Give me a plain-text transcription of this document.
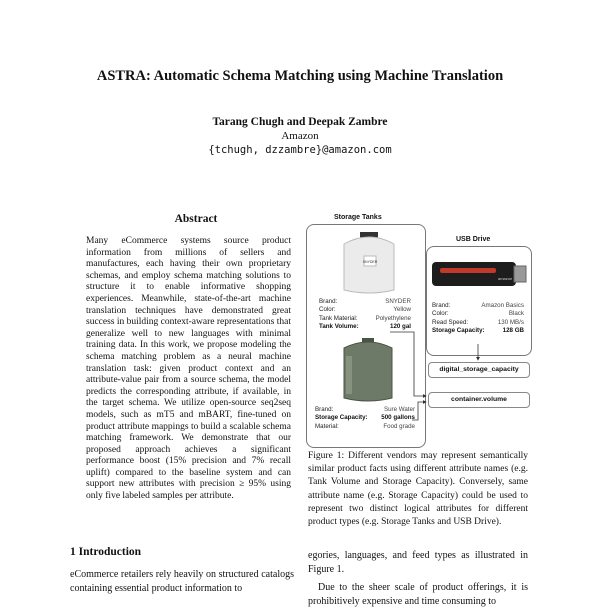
ASTRA: Automatic Schema Matching using Machine Translation
Tarang Chugh and Deepak Zambre
Amazon
{tchugh, dzzambre}@amazon.com
Abstract

Many eCommerce systems source product information from millions of sellers and manufactures, each having their own proprietary schemas, and employ schema matching solutions to structure it to enable informative shopping experiences. Meanwhile, state-of-the-art machine translation techniques have demonstrated great success in building context-aware representations that generalize well to new languages with minimal training data. In this work, we propose modeling the schema matching problem as a neural machine translation task: given product context and an attribute-value pair from a source schema, the model predicts the corresponding attribute, if available, in the target schema. We utilize open-source seq2seq models, such as mT5 and mBART, fine-tuned on product attribute mappings to build a scalable schema matching framework. We demonstrate that our proposed approach achieves a significant performance boost (15% precision and 7% recall uplift) compared to the baseline system and can support new attributes with precision ≥ 95% using only five labeled samples per attribute.

1 Introduction

eCommerce retailers rely heavily on structured catalogs containing essential product information to

Storage Tanks
USB Drive
SNYDER
Brand:	SNYDER
Color:	Yellow
Tank Material:	Polyethylene
Tank Volume:	120 gal
Brand:	Sure Water
Storage Capacity: 500 gallons
Material:	Food grade
amazon
Brand:	Amazon Basics
Color:	Black
Read Speed:	130 MB/s
Storage Capacity:	128 GB
digital_storage_capacity
container.volume

Figure 1: Different vendors may represent semantically similar product facts using different attribute names (e.g. Tank Volume and Storage Capacity). Conversely, same attribute name (e.g. Storage Capacity) could be used to represent two distinct logical attributes for different product types (e.g. Storage Tanks and USB Drive).

egories, languages, and feed types as illustrated in Figure 1.

Due to the sheer scale of product offerings, it is prohibitively expensive and time consuming to
